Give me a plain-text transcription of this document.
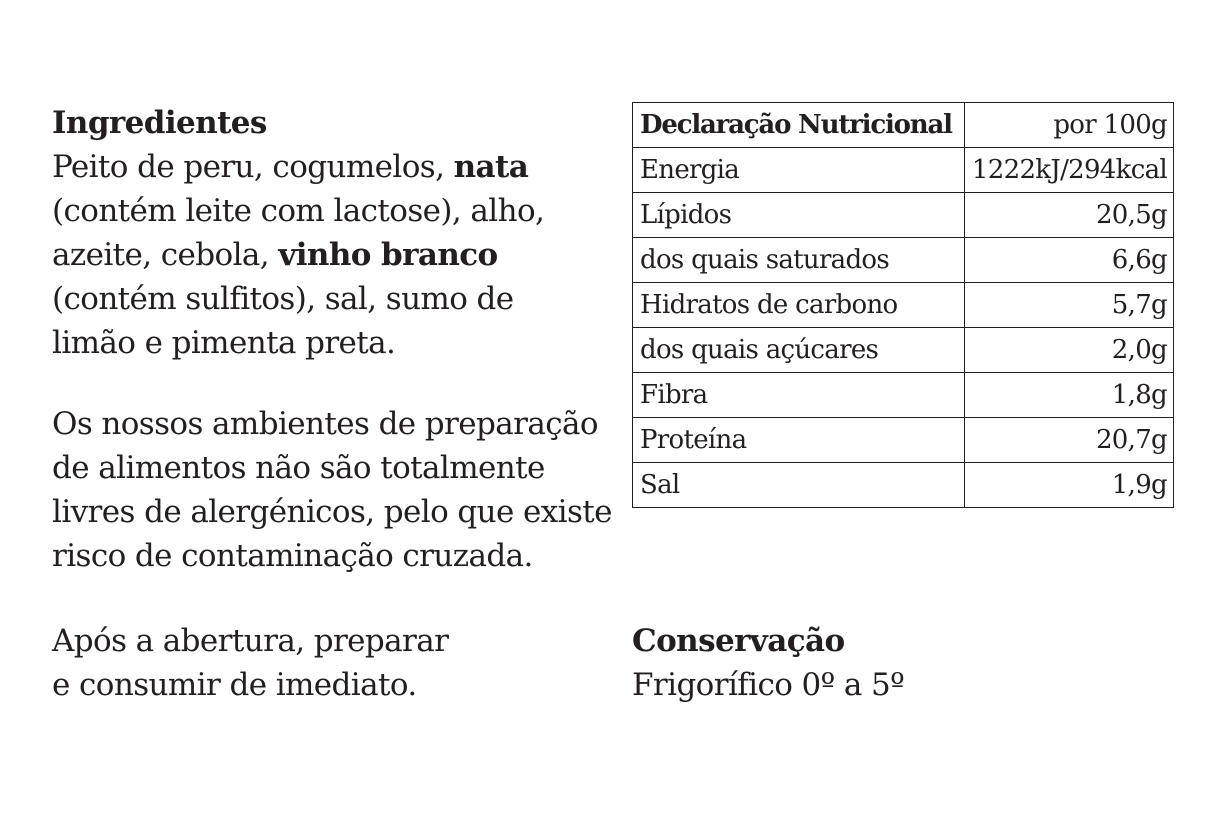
Ingredientes
Peito de peru, cogumelos, nata
(contém leite com lactose), alho,
azeite, cebola, vinho branco
(contém sulfitos), sal, sumo de
limão e pimenta preta.
Os nossos ambientes de preparação
de alimentos não são totalmente
livres de alergénicos, pelo que existe
risco de contaminação cruzada.
Após a abertura, preparar
e consumir de imediato.
Declaração Nutricional	por 100g
Energia	1222kJ/294kcal
Lípidos	20,5g
dos quais saturados	6,6g
Hidratos de carbono	5,7g
dos quais açúcares	2,0g
Fibra	1,8g
Proteína	20,7g
Sal	1,9g
Conservação
Frigorífico 0º a 5º
